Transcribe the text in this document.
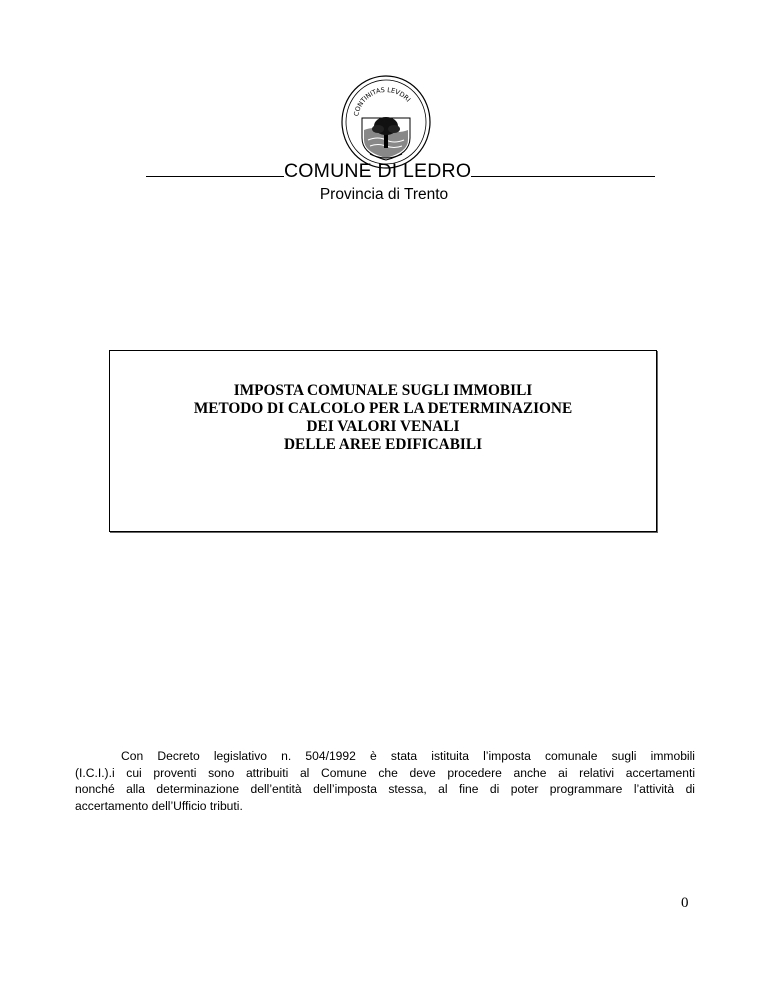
CONTINITAS LEVDRI
COMUNE DI LEDRO
Provincia di Trento
IMPOSTA COMUNALE SUGLI IMMOBILI
METODO DI CALCOLO PER LA DETERMINAZIONE
DEI VALORI VENALI
DELLE AREE EDIFICABILI
Con Decreto legislativo n. 504/1992 è stata istituita l’imposta comunale sugli immobili
(I.C.I.).i cui proventi sono attribuiti al Comune che deve procedere anche ai relativi accertamenti
nonché alla determinazione dell’entità dell’imposta stessa, al fine di poter programmare l’attività di
accertamento dell’Ufficio tributi.
0
